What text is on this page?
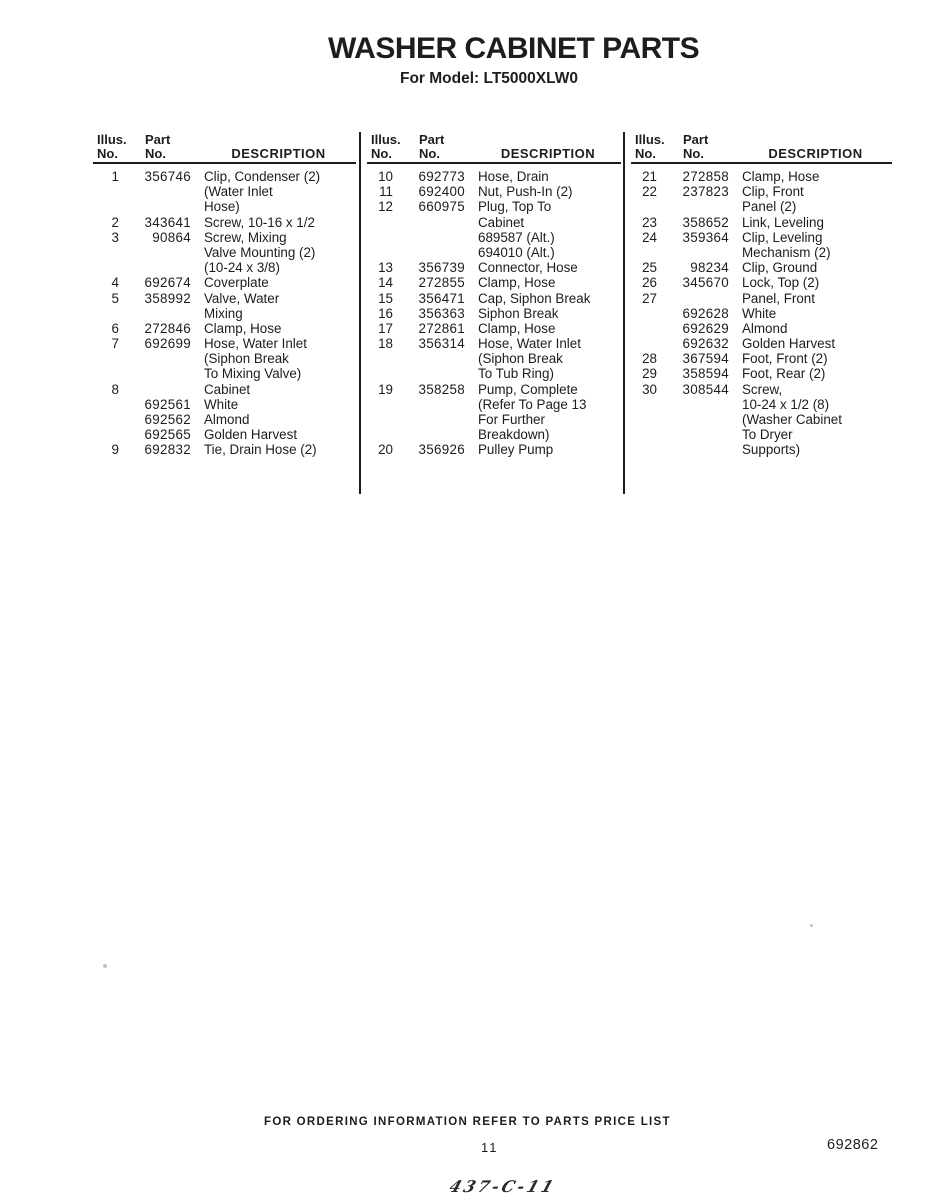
WASHER CABINET PARTS
For Model: LT5000XLW0
Illus.
No.
Part
No.	DESCRIPTION
1	356746 Clip, Condenser (2)
(Water Inlet
Hose)
2	343641 Screw, 10-16 x 1/2
3	90864 Screw, Mixing
Valve Mounting (2)
(10-24 x 3/8)
4	692674 Coverplate
5	358992 Valve, Water
Mixing
6	272846 Clamp, Hose
7	692699 Hose, Water Inlet
(Siphon Break
To Mixing Valve)
8	Cabinet
692561 White
692562 Almond
692565 Golden Harvest
9	692832 Tie, Drain Hose (2)
Illus.
No.
Part
No.	DESCRIPTION
10	692773 Hose, Drain
11	692400 Nut, Push-In (2)
12	660975 Plug, Top To
Cabinet
689587 (Alt.)
694010 (Alt.)
13	356739 Connector, Hose
14	272855 Clamp, Hose
15	356471 Cap, Siphon Break
16	356363 Siphon Break
17	272861 Clamp, Hose
18	356314 Hose, Water Inlet
(Siphon Break
To Tub Ring)
19	358258 Pump, Complete
(Refer To Page 13
For Further
Breakdown)
20	356926 Pulley Pump
Illus.
No.
Part
No.	DESCRIPTION
21	272858 Clamp, Hose
22	237823 Clip, Front
Panel (2)
23	358652 Link, Leveling
24	359364 Clip, Leveling
Mechanism (2)
25	98234 Clip, Ground
26	345670 Lock, Top (2)
27	Panel, Front
692628 White
692629 Almond
692632 Golden Harvest
28	367594 Foot, Front (2)
29	358594 Foot, Rear (2)
30	308544 Screw,
10-24 x 1/2 (8)
(Washer Cabinet
To Dryer
Supports)
FOR ORDERING INFORMATION REFER TO PARTS PRICE LIST
11	692862
437-C-11
